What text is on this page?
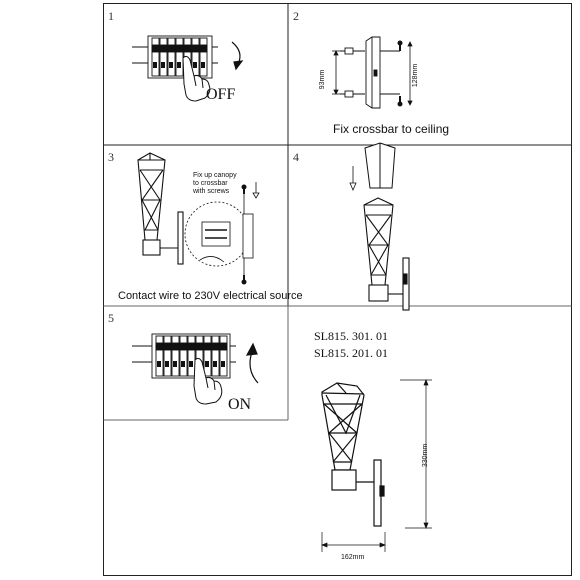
1	2
3	4
5
OFF
93mm	128mm
Fix crossbar to ceiling
Fix up canopy
to crossbar
with screws
Contact wire to 230V electrical source
ON
SL815. 301. 01
SL815. 201. 01
330mm
162mm
